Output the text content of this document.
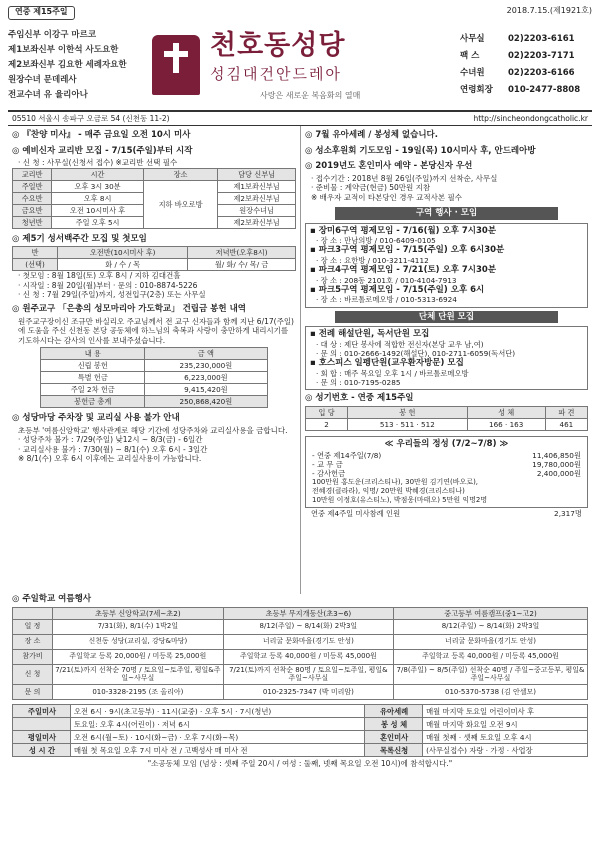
연중 제15주일	2018.7.15.(제1921호)
주임신부 이강구 마르코
제1보좌신부 이한석 사도요한
제2보좌신부 김요한 세례자요한
원장수녀 문데레사
전교수녀 유 율리아나
천호동성당
성김대건안드레아
사랑은 새로운 복음화의 열매
사무실	02)2203-6161
팩 스	02)2203-7171
수녀원	02)2203-6166
연령회장	010-2477-8808
05510 서울시 송파구 오금로 54 (신천동 11-2)	http://sincheondongcatholic.kr
◎ 『찬양 미사』 - 매주 금요일 오전 10시 미사
◎ 예비신자 교리반 모집 - 7/15(주일)부터 시작

· 신 청 : 사무실(신청서 접수) ※교리반 선택 필수

교리반	시간	장소	담당 신부님
주일반	오후 3시 30분	지하 바오로방	제1보좌신부님
수요반	오후 8시		제2보좌신부님
금요반	오전 10시미사 후		원장수녀님
청년반	주일 오후 5시		제2보좌신부님
◎ 제5기 성서백주간 모집 및 첫모임
반	오전반(10시미사 후)	저녁반(오후8시)
(선택)	화 / 수 / 목	월/ 화/ 수/ 목/ 금

· 첫모임 : 8월 18일(토) 오후 8시 / 지하 김대건홀

· 시작일 : 8월 20일(월)부터 · 문의 : 010-8874-5226

· 신 청 : 7월 29일(주일)까지, 성전입구(2층) 또는 사무실

◎ 원주교구 「은총의 성모마리아 가도학교」 건립금 봉헌 내역

원주교구장이신 조규만 바실리오 주교님께서 전 교구 신자들과 함께 지난 6/17(주일)에 도움을 주신 신천동 본당 공동체에 하느님의 축복과 사랑이 충만하게 내리시기를 기도하시다는 감사의 인사를 보내주셨습니다.

내 용	금 액
신립 봉헌	235,230,000원
특별 헌금	6,223,000원
주일 2차 헌금	9,415,420원
봉헌금 총계	250,868,420원
◎ 성당마당 주차장 및 교리실 사용 불가 안내

초등부 '여름신앙학교' 행사관계로 해당 기간에 성당주차와 교리실사용을 금합니다.

· 성당주차 불가 : 7/29(주일) 낮12시 ~ 8/3(금) - 6일간

· 교리실사용 불가 : 7/30(월) ~ 8/1(수) 오후 6시 - 3일간

※ 8/1(수) 오후 6시 이후에는 교리실사용이 가능합니다.

◎ 7월 유아세례 / 봉성체 없습니다.
◎ 성소후원회 기도모임 - 19일(목) 10시미사 후, 안드레아방
◎ 2019년도 혼인미사 예약 - 본당신자 우선

· 접수기간 : 2018년 8월 26일(주일)까지 선착순, 사무실

· 준비물 : 계약금(현금) 50만원 지참

※ 배우자 교적이 타본당인 경우 교적사본 필수

구역 행사 · 모임
▪ 장미6구역 평제모임 - 7/16(월) 오후 7시30분
· 장 소 : 만남의방 / 010-6409-0105
▪ 파크3구역 평제모임 - 7/15(주일) 오후 6시30분
· 장 소 : 요한방 / 010-3211-4112
▪ 파크4구역 평제모임 - 7/21(토) 오후 7시30분
· 장 소 : 208동 2101호 / 010-4104-7913
▪ 파크5구역 평제모임 - 7/15(주일) 오후 6시
· 장 소 : 바르톨로메오방 / 010-5313-6924
단체 단원 모집
▪ 전례 해설단원, 독서단원 모집
· 대 상 : 제단 봉사에 적합한 전신자(본당 교우 남,여)
· 문 의 : 010-2666-1492(해설단), 010-2711-6059(독서단)
▪ 호스피스 일펭단원(교우환자방문) 모집
· 회 합 : 매주 목요일 오후 1시 / 바르톨로메오방
· 문 의 : 010-7195-0285
◎ 성기번호 - 연중 제15주일
입 당	봉 헌	성 체	파 견
2	513 · 511 · 512	166 · 163	461
≪ 우리들의 정성 (7/2~7/8) ≫
- 연중 제14주일(7/8)	11,406,850원
- 교 무 금	19,780,000원
- 감사헌금	2,400,000원
100만원 홍도운(크리스티나), 30만원 김기연(바오로),
전혜경(클라라), 익명/ 20만원 박혜경(크리스티나)
10만원 이정호(유스티노), 박점웅(마태오) 5만원 익명2명
연중 제4주일 미사참례 인원	2,317명
◎ 주일학교 여름행사
	초등부 신앙학교(7세~초2)	초등부 무지개동산(초3~6)	중고등부 여름캠프(중1~고2)
일 정	7/31(화), 8/1(수) 1박2일	8/12(주일) ~ 8/14(화) 2박3일	8/12(주일) ~ 8/14(화) 2박3일
장 소	신천동 성당(교리실, 강당&마당)	너리굴 문화마을(경기도 안성)	너리굴 문화마을(경기도 안성)
참가비	주일학교 등록 20,000원 / 미등록 25,000원	주일학교 등록 40,000원 / 미등록 45,000원	주일학교 등록 40,000원 / 미등록 45,000원
신 청	7/21(토)까지 선착순 70명 / 토요일~토주일, 평일&주일~사무실	7/21(토)까지 선착순 80명 / 토요일~토주일, 평일&주일~사무실	7/8(주일) ~ 8/5(주일) 선착순 40명 / 주일~중고등부, 평일&주일~사무실
문 의	010-3328-2195 (조 올리아)	010-2325-7347 (박 미리암)	010-5370-5738 (김 안셀모)
주일미사	오전 6시 · 9시(초고등부) · 11시(교중) · 오후 5시 · 7시(청년)	유아세례	매월 마지막 토요일 어린이미사 후
	토요일: 오후 4시(어린이) · 저녁 6시	봉 성 체	매월 마지막 화요일 오전 9시
평일미사	오전 6시(월~토) · 10시(화~금) · 오후 7시(화~목)	혼인미사	매월 첫째 · 셋째 토요일 오후 4시
성 시 간	매월 첫 목요일 오후 7시 미사 전 / 고백성사 매 미사 전	목록신청	(사무실접수) 자랑 · 가정 · 사업장
"소공동체 모임 (넘상 : 셋째 주일 20시 / 여성 : 둘째, 넷째 목요일 오전 10시)에 참석합시다."
